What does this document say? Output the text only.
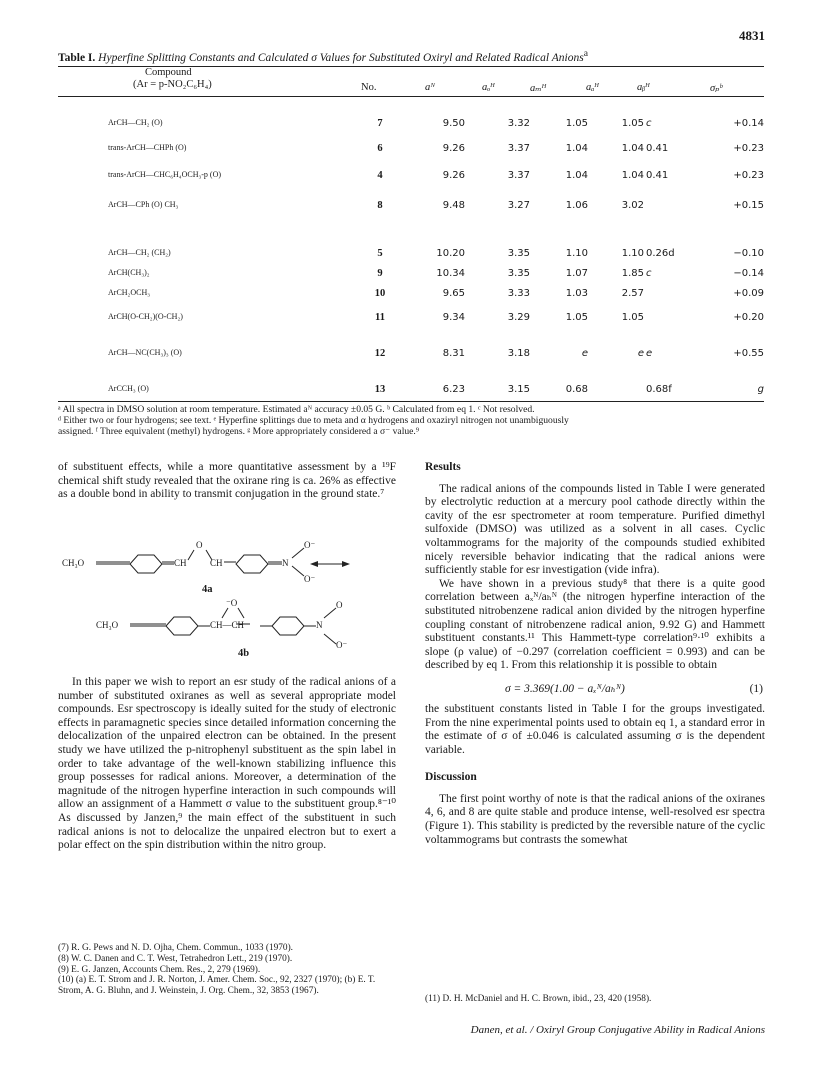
4831
Table I. Hyperfine Splitting Constants and Calculated σ Values for Substituted Oxiryl and Related Radical Anions$^a$
Compound
(Ar = p-NO₂C₆H₄)	No.	aᴺ	aₒᴴ	aₘᴴ	aₐᴴ	aᵦᴴ	σₚᵇ
ArCH—CH₂ (O)	7	9.50	3.32	1.05	1.05 c	+0.14
trans-ArCH—CHPh (O)	6	9.26	3.37	1.04	1.04 0.41	+0.23
trans-ArCH—CHC₆H₄OCH₃-p (O)	4	9.26	3.37	1.04	1.04 0.41	+0.23
ArCH—CPh (O) CH₃	8	9.48	3.27	1.06	3.02	+0.15
ArCH—CH₂ (CH₂)	5	10.20	3.35	1.10	1.10 0.26d	−0.10
ArCH(CH₃)₂	9	10.34	3.35	1.07	1.85 c	−0.14
ArCH₂OCH₃	10	9.65	3.33	1.03	2.57	+0.09
ArCH(O-CH₂)(O-CH₂)	11	9.34	3.29	1.05	1.05	+0.20
ArCH—NC(CH₃)₃ (O)	12	8.31	3.18	e	e e	+0.55
ArCCH₃ (O)	13	6.23	3.15	0.68	0.68f	g
ᵃ All spectra in DMSO solution at room temperature. Estimated aᴺ accuracy ±0.05 G. ᵇ Calculated from eq 1. ᶜ Not resolved.
ᵈ Either two or four hydrogens; see text. ᵉ Hyperfine splittings due to meta and α hydrogens and oxaziryl nitrogen not unambiguously
assigned. ᶠ Three equivalent (methyl) hydrogens. ᵍ More appropriately considered a σ⁻ value.⁹

of substituent effects, while a more quantitative assessment by a ¹⁹F chemical shift study revealed that the oxirane ring is ca. 26% as effective as a double bond in ability to transmit conjugation in the ground state.⁷

CH₃O
O
CH	CH	N
O⁻
O⁻
4a
CH₃O	CH—CH
⁻O
N
O
O⁻
4b

In this paper we wish to report an esr study of the radical anions of a number of substituted oxiranes as well as several appropriate model compounds. Esr spectroscopy is ideally suited for the study of electronic effects in paramagnetic species since detailed information concerning the delocalization of the unpaired electron can be obtained. In the present study we have utilized the p-nitrophenyl substituent as the spin label in order to take advantage of the well-known stabilizing influence this group possesses for radical anions. Moreover, a determination of the magnitude of the nitrogen hyperfine interaction in such compounds will allow an assignment of a Hammett σ value to the substituent group.⁸⁻¹⁰ As discussed by Janzen,⁹ the main effect of the substituent in such radical anions is not to delocalize the unpaired electron but to exert a polar effect on the spin distribution within the nitro group.

(7) R. G. Pews and N. D. Ojha, Chem. Commun., 1033 (1970).
(8) W. C. Danen and C. T. West, Tetrahedron Lett., 219 (1970).
(9) E. G. Janzen, Accounts Chem. Res., 2, 279 (1969).
(10) (a) E. T. Strom and J. R. Norton, J. Amer. Chem. Soc., 92, 2327 (1970); (b) E. T. Strom, A. G. Bluhn, and J. Weinstein, J. Org. Chem., 32, 3853 (1967).
Results

The radical anions of the compounds listed in Table I were generated by electrolytic reduction at a mercury pool cathode directly within the cavity of the esr spectrometer at room temperature. Purified dimethyl sulfoxide (DMSO) was utilized as a solvent in all cases. Cyclic voltammograms for the majority of the compounds studied exhibited nicely reversible behavior indicating that the radical anions were sufficiently stable for esr investigation (vide infra).

We have shown in a previous study⁸ that there is a quite good correlation between aₓᴺ/aₕᴺ (the nitrogen hyperfine interaction of the substituted nitrobenzene radical anion divided by the nitrogen hyperfine coupling constant of nitrobenzene radical anion, 9.92 G) and Hammett substituent constants.¹¹ This Hammett-type correlation⁹·¹⁰ exhibits a slope (ρ value) of −0.297 (correlation coefficient = 0.993) and can be described by eq 1. From this relationship it is possible to obtain

σ = 3.369(1.00 − aₓᴺ/aₕᴺ)	(1)

the substituent constants listed in Table I for the groups investigated. From the nine experimental points used to obtain eq 1, a standard error in the estimate of σ of ±0.046 is calculated assuming σ is the dependent variable.

Discussion

The first point worthy of note is that the radical anions of the oxiranes 4, 6, and 8 are quite stable and produce intense, well-resolved esr spectra (Figure 1). This stability is predicted by the reversible nature of the cyclic voltammograms but contrasts the somewhat

(11) D. H. McDaniel and H. C. Brown, ibid., 23, 420 (1958).
Danen, et al. / Oxiryl Group Conjugative Ability in Radical Anions
